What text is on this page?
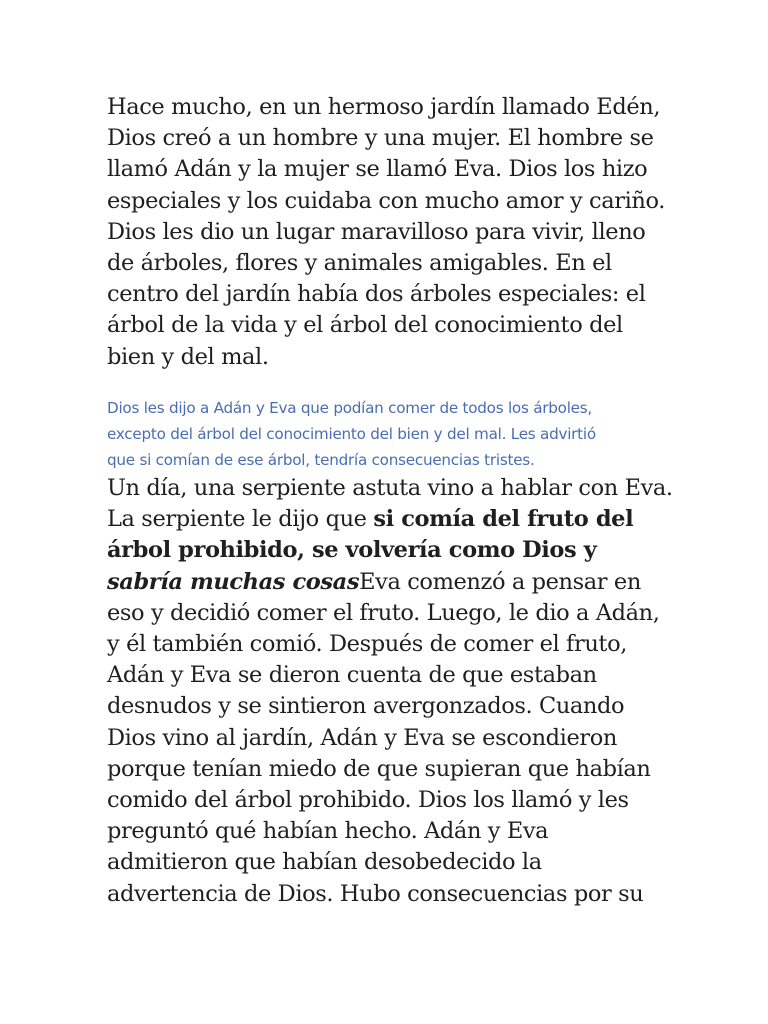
Hace mucho, en un hermoso jardín llamado Edén,
Dios creó a un hombre y una mujer. El hombre se
llamó Adán y la mujer se llamó Eva. Dios los hizo
especiales y los cuidaba con mucho amor y cariño.
Dios les dio un lugar maravilloso para vivir, lleno
de árboles, flores y animales amigables. En el
centro del jardín había dos árboles especiales: el
árbol de la vida y el árbol del conocimiento del
bien y del mal.

Dios les dijo a Adán y Eva que podían comer de todos los árboles,
excepto del árbol del conocimiento del bien y del mal. Les advirtió
que si comían de ese árbol, tendría consecuencias tristes.

Un día, una serpiente astuta vino a hablar con Eva.
La serpiente le dijo que si comía del fruto del
árbol prohibido, se volvería como Dios y
sabría muchas cosasEva comenzó a pensar en
eso y decidió comer el fruto. Luego, le dio a Adán,
y él también comió. Después de comer el fruto,
Adán y Eva se dieron cuenta de que estaban
desnudos y se sintieron avergonzados. Cuando
Dios vino al jardín, Adán y Eva se escondieron
porque tenían miedo de que supieran que habían
comido del árbol prohibido. Dios los llamó y les
preguntó qué habían hecho. Adán y Eva
admitieron que habían desobedecido la
advertencia de Dios. Hubo consecuencias por su
